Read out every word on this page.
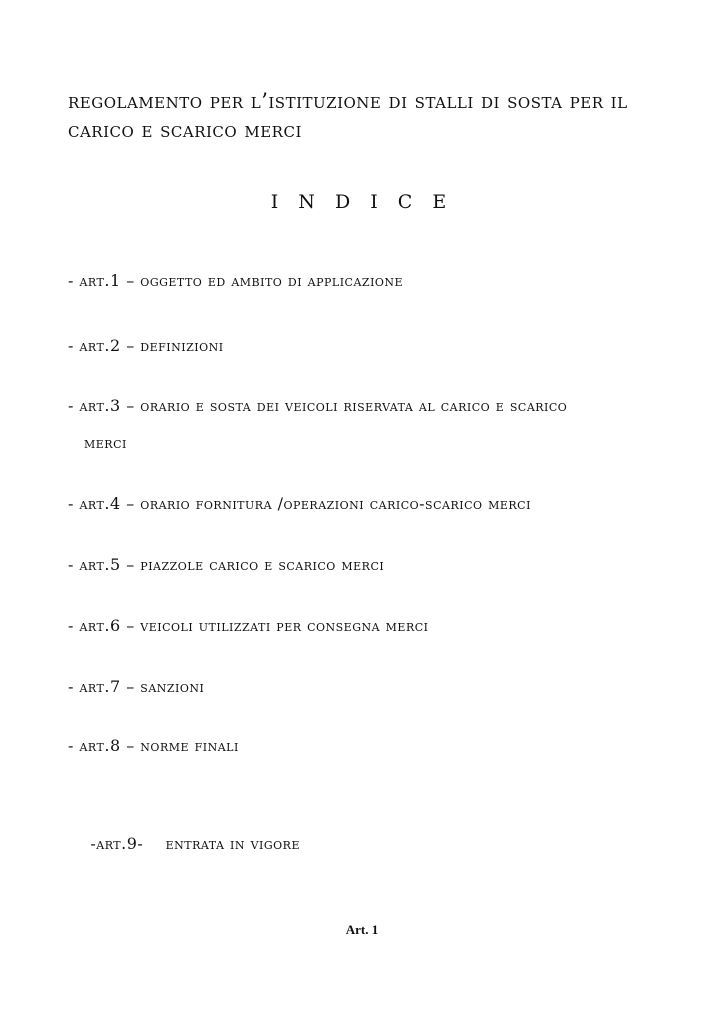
regolamento per l’istituzione di stalli di sosta per il carico e scarico merci
I N D I C E
- art.1 – oggetto ed ambito di applicazione
- art.2 – definizioni
- art.3 – orario e sosta dei veicoli riservata al carico e scarico
merci
- art.4 – orario fornitura /operazioni carico-scarico merci
- art.5 – piazzole carico e scarico merci
- art.6 – veicoli utilizzati per consegna merci
- art.7 – sanzioni
- art.8 – norme finali

-art.9-    entrata in vigore

Art. 1
